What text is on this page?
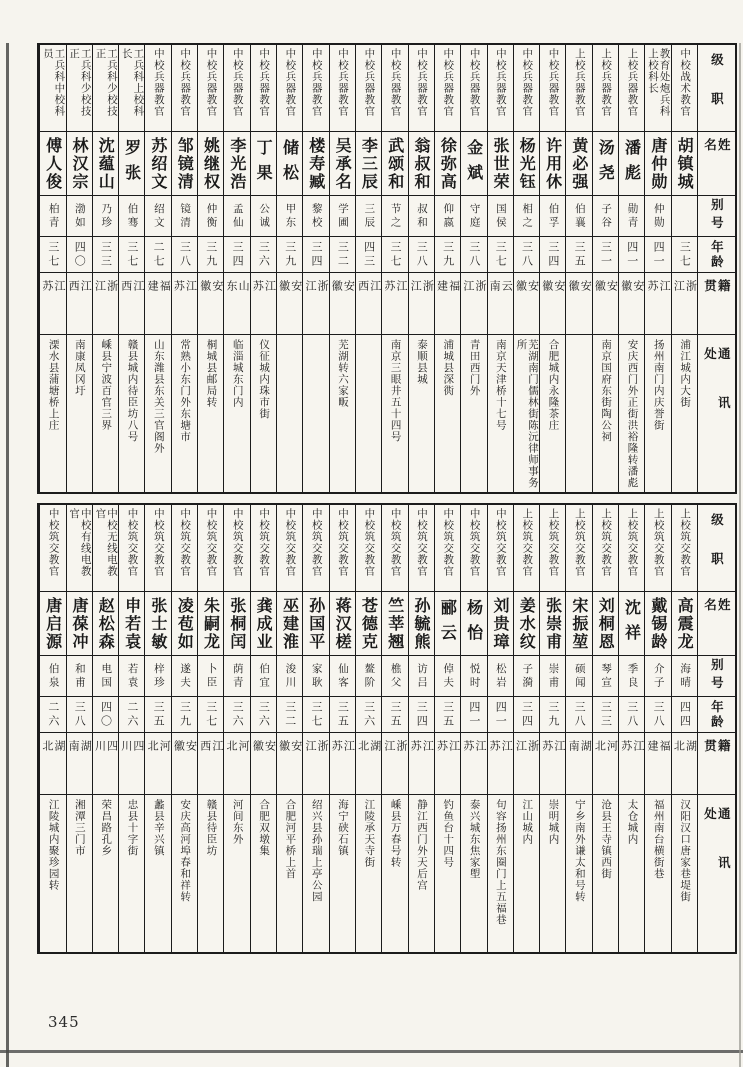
级职
姓名
别号
年龄
籍贯
通讯处
中校战术教官
胡镇城
三七
浙江
浦江城内大街
教育处炮兵科上校科长
唐仲勋
仲勋
四一
江苏
扬州南门内庆誉街
上校兵器教官
潘彪
勋青
四一
安徽
安庆西门外正街洪裕隆转潘彪
上校兵器教官
汤尧
子谷
三一
安徽
南京国府东街陶公祠
上校兵器教官
黄必强
伯襄
三五
安徽
中校兵器教官
许用休
伯孚
三四
安徽
合肥城内永隆茶庄
中校兵器教官
杨光钰
相之
三八
安徽
芜湖南门儒林街陈沅律师事务所
中校兵器教官
张世荣
国侯
三七
云南
南京天津桥十七号
中校兵器教官
金斌
守庭
三八
浙江
青田西门外
中校兵器教官
徐弥高
仰嬴
三九
福建
浦城县深衖
中校兵器教官
翁叔和
叔和
三八
浙江
泰顺县城
中校兵器教官
武颂和
节之
三七
江苏
南京三眼井五十四号
中校兵器教官
李三辰
三辰
四三
江西
中校兵器教官
吴承名
学圃
三二
安徽
芜湖转六家畈
中校兵器教官
楼寿臧
黎校
三四
浙江
中校兵器教官
储松
甲东
三九
安徽
中校兵器教官
丁果
公诚
三六
江苏
仪征城内珠市街
中校兵器教官
李光浩
孟仙
三四
山东
临淄城东门内
中校兵器教官
姚继权
仲衡
三九
安徽
桐城县邮局转
中校兵器教官
邹镜清
镜清
三八
江苏
常熟小东门外东塘市
中校兵器教官
苏绍文
绍文
二七
福建
山东潍县东关三官阁外
工兵科上校科长
罗张
伯骞
三七
江西
赣县城内待臣坊八号
工兵科少校技正
沈蕴山
乃珍
三三
浙江
嵊县宁波百官三界
工兵科少校技正
林汉宗
渤如
四〇
江西
南康凤冈圩
工兵科中校科员
傅人俊
柏青
三七
江苏
溧水县蒲塘桥上庄
级职
姓名
别号
年龄
籍贯
通讯处
上校筑交教官
高震龙
海晴
四四
湖北
汉阳汉口唐家巷堤街
上校筑交教官
戴锡龄
介子
三八
福建
福州南台横街巷
上校筑交教官
沈祥
季良
三八
江苏
太仓城内
上校筑交教官
刘桐恩
琴宣
三三
河北
沧县王寺镇西街
上校筑交教官
宋振堃
硕闻
三八
湖南
宁乡南外谦太和号转
上校筑交教官
张崇甫
崇甫
三九
江苏
崇明城内
上校筑交教官
姜水纹
子漪
三四
浙江
江山城内
中校筑交教官
刘贵璋
松岩
四一
江苏
句容扬州东圈门上五福巷
中校筑交教官
杨怡
悦时
四一
江苏
泰兴城东焦家塱
中校筑交教官
郦云
倬夫
三五
江苏
钓鱼台十四号
中校筑交教官
孙毓熊
访吕
三四
江苏
静江西门外天后宫
中校筑交教官
竺莘翘
樵父
三五
浙江
嵊县万春号转
中校筑交教官
苍德克
鳌阶
三六
湖北
江陵承天寺街
中校筑交教官
蒋汉槎
仙客
三五
江苏
海宁硖石镇
中校筑交教官
孙国平
家耿
三七
浙江
绍兴县孙瑞上亭公园
中校筑交教官
巫建淮
浚川
三二
安徽
合肥河平桥上首
中校筑交教官
龚成业
伯宜
三六
安徽
合肥双墩集
中校筑交教官
张桐闰
荫青
三六
河北
河间东外
中校筑交教官
朱嗣龙
卜臣
三七
江西
赣县待臣坊
中校筑交教官
凌苞如
遂夫
三九
安徽
安庆高河埠春和祥转
中校筑交教官
张士敏
梓珍
三五
河北
蠡县辛兴镇
中校筑交教官
申若袁
若袁
二六
四川
忠县十字街
中校无线电教官
赵松森
电国
四〇
四川
荣昌路孔乡
中校有线电教官
唐葆冲
和甫
三八
湖南
湘潭三门市
中校筑交教官
唐启源
伯泉
二六
湖北
江陵城内聚珍园转
345
